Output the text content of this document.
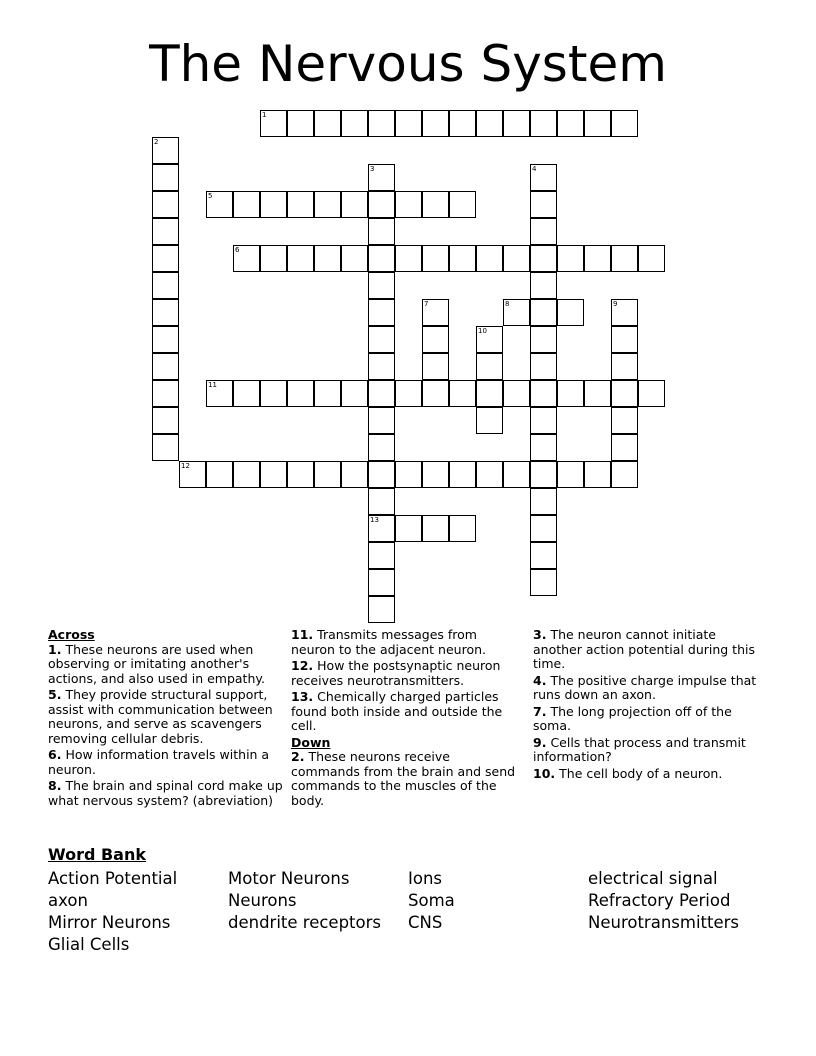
The Nervous System
1
2
3
13
4
5
6
7	8	9
10
11
12
Across
1. These neurons are used when observing or imitating another's actions, and also used in empathy.
5. They provide structural support, assist with communication between neurons, and serve as scavengers removing cellular debris.
6. How information travels within a neuron.
8. The brain and spinal cord make up what nervous system? (abreviation)
11. Transmits messages from neuron to the adjacent neuron.
12. How the postsynaptic neuron receives neurotransmitters.
13. Chemically charged particles found both inside and outside the cell.
Down
2. These neurons receive commands from the brain and send commands to the muscles of the body.
3. The neuron cannot initiate another action potential during this time.
4. The positive charge impulse that runs down an axon.
7. The long projection off of the soma.
9. Cells that process and transmit information?
10. The cell body of a neuron.
Word Bank
Action Potential
axon
Mirror Neurons
Glial Cells
Motor Neurons
Neurons
dendrite receptors
Ions
Soma
CNS
electrical signal
Refractory Period
Neurotransmitters
